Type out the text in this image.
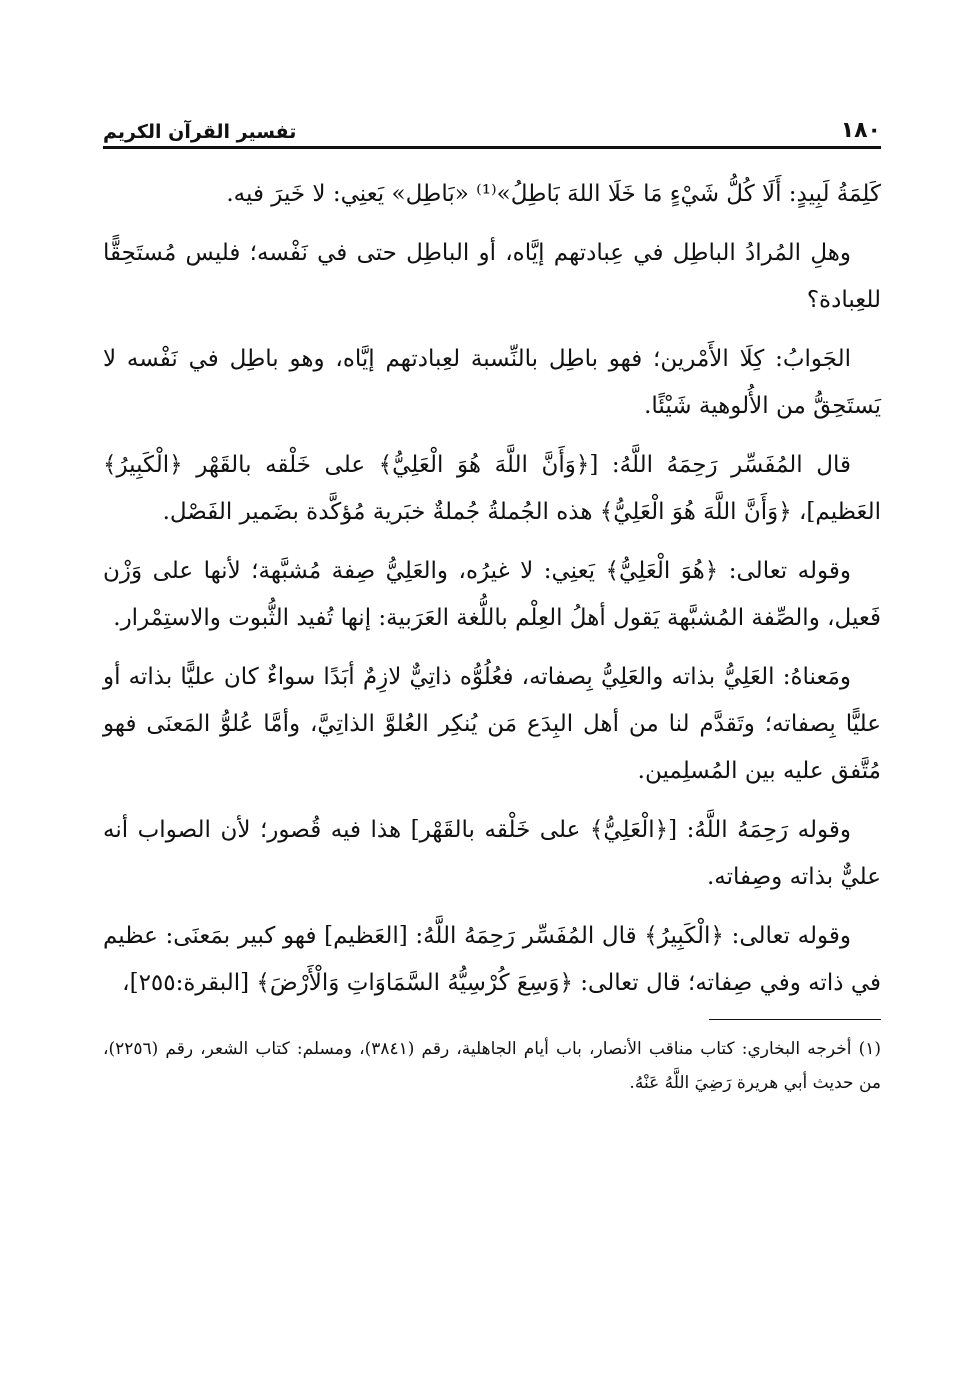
١٨٠
تفسير القرآن الكريم

كَلِمَةُ لَبِيدٍ: أَلَا كُلُّ شَيْءٍ مَا خَلَا اللهَ بَاطِلُ»⁽¹⁾ «بَاطِل» يَعنِي: لا خَيرَ فيه.

وهلِ المُرادُ الباطِل في عِبادتهم إيَّاه، أو الباطِل حتى في نَفْسه؛ فليس مُستَحِقًّا للعِبادة؟

الجَوابُ: كِلَا الأَمْرين؛ فهو باطِل بالنِّسبة لعِبادتهم إيَّاه، وهو باطِل في نَفْسه لا يَستَحِقُّ من الأُلوهية شَيْئًا.

قال المُفَسِّر رَحِمَهُ اللَّهُ: [﴿وَأَنَّ اللَّهَ هُوَ الْعَلِيُّ﴾ على خَلْقه بالقَهْر ﴿الْكَبِيرُ﴾ العَظيم]، ﴿وَأَنَّ اللَّهَ هُوَ الْعَلِيُّ﴾ هذه الجُملةُ جُملةٌ خبَرية مُؤكَّدة بضَمير الفَصْل.

وقوله تعالى: ﴿هُوَ الْعَلِيُّ﴾ يَعنِي: لا غيرُه، والعَلِيُّ صِفة مُشبَّهة؛ لأنها على وَزْن فَعيل، والصِّفة المُشبَّهة يَقول أهلُ العِلْم باللُّغة العَرَبية: إنها تُفيد الثُّبوت والاستِمْرار.

ومَعناهُ: العَلِيُّ بذاته والعَلِيُّ بِصفاته، فعُلُوُّه ذاتِيٌّ لازِمٌ أبَدًا سواءٌ كان عليًّا بذاته أو عليًّا بِصفاته؛ وتَقدَّم لنا من أهل البِدَع مَن يُنكِر العُلوَّ الذاتِيَّ، وأمَّا عُلوُّ المَعنَى فهو مُتَّفق عليه بين المُسلِمين.

وقوله رَحِمَهُ اللَّهُ: [﴿الْعَلِيُّ﴾ على خَلْقه بالقَهْر] هذا فيه قُصور؛ لأن الصواب أنه عليٌّ بذاته وصِفاته.

وقوله تعالى: ﴿الْكَبِيرُ﴾ قال المُفَسِّر رَحِمَهُ اللَّهُ: [العَظيم] فهو كبير بمَعنَى: عظيم في ذاته وفي صِفاته؛ قال تعالى: ﴿وَسِعَ كُرْسِيُّهُ السَّمَاوَاتِ وَالْأَرْضَ﴾ [البقرة:٢٥٥]،

(١) أخرجه البخاري: كتاب مناقب الأنصار، باب أيام الجاهلية، رقم (٣٨٤١)، ومسلم: كتاب الشعر، رقم (٢٢٥٦)، من حديث أبي هريرة رَضِيَ اللَّهُ عَنْهُ.
